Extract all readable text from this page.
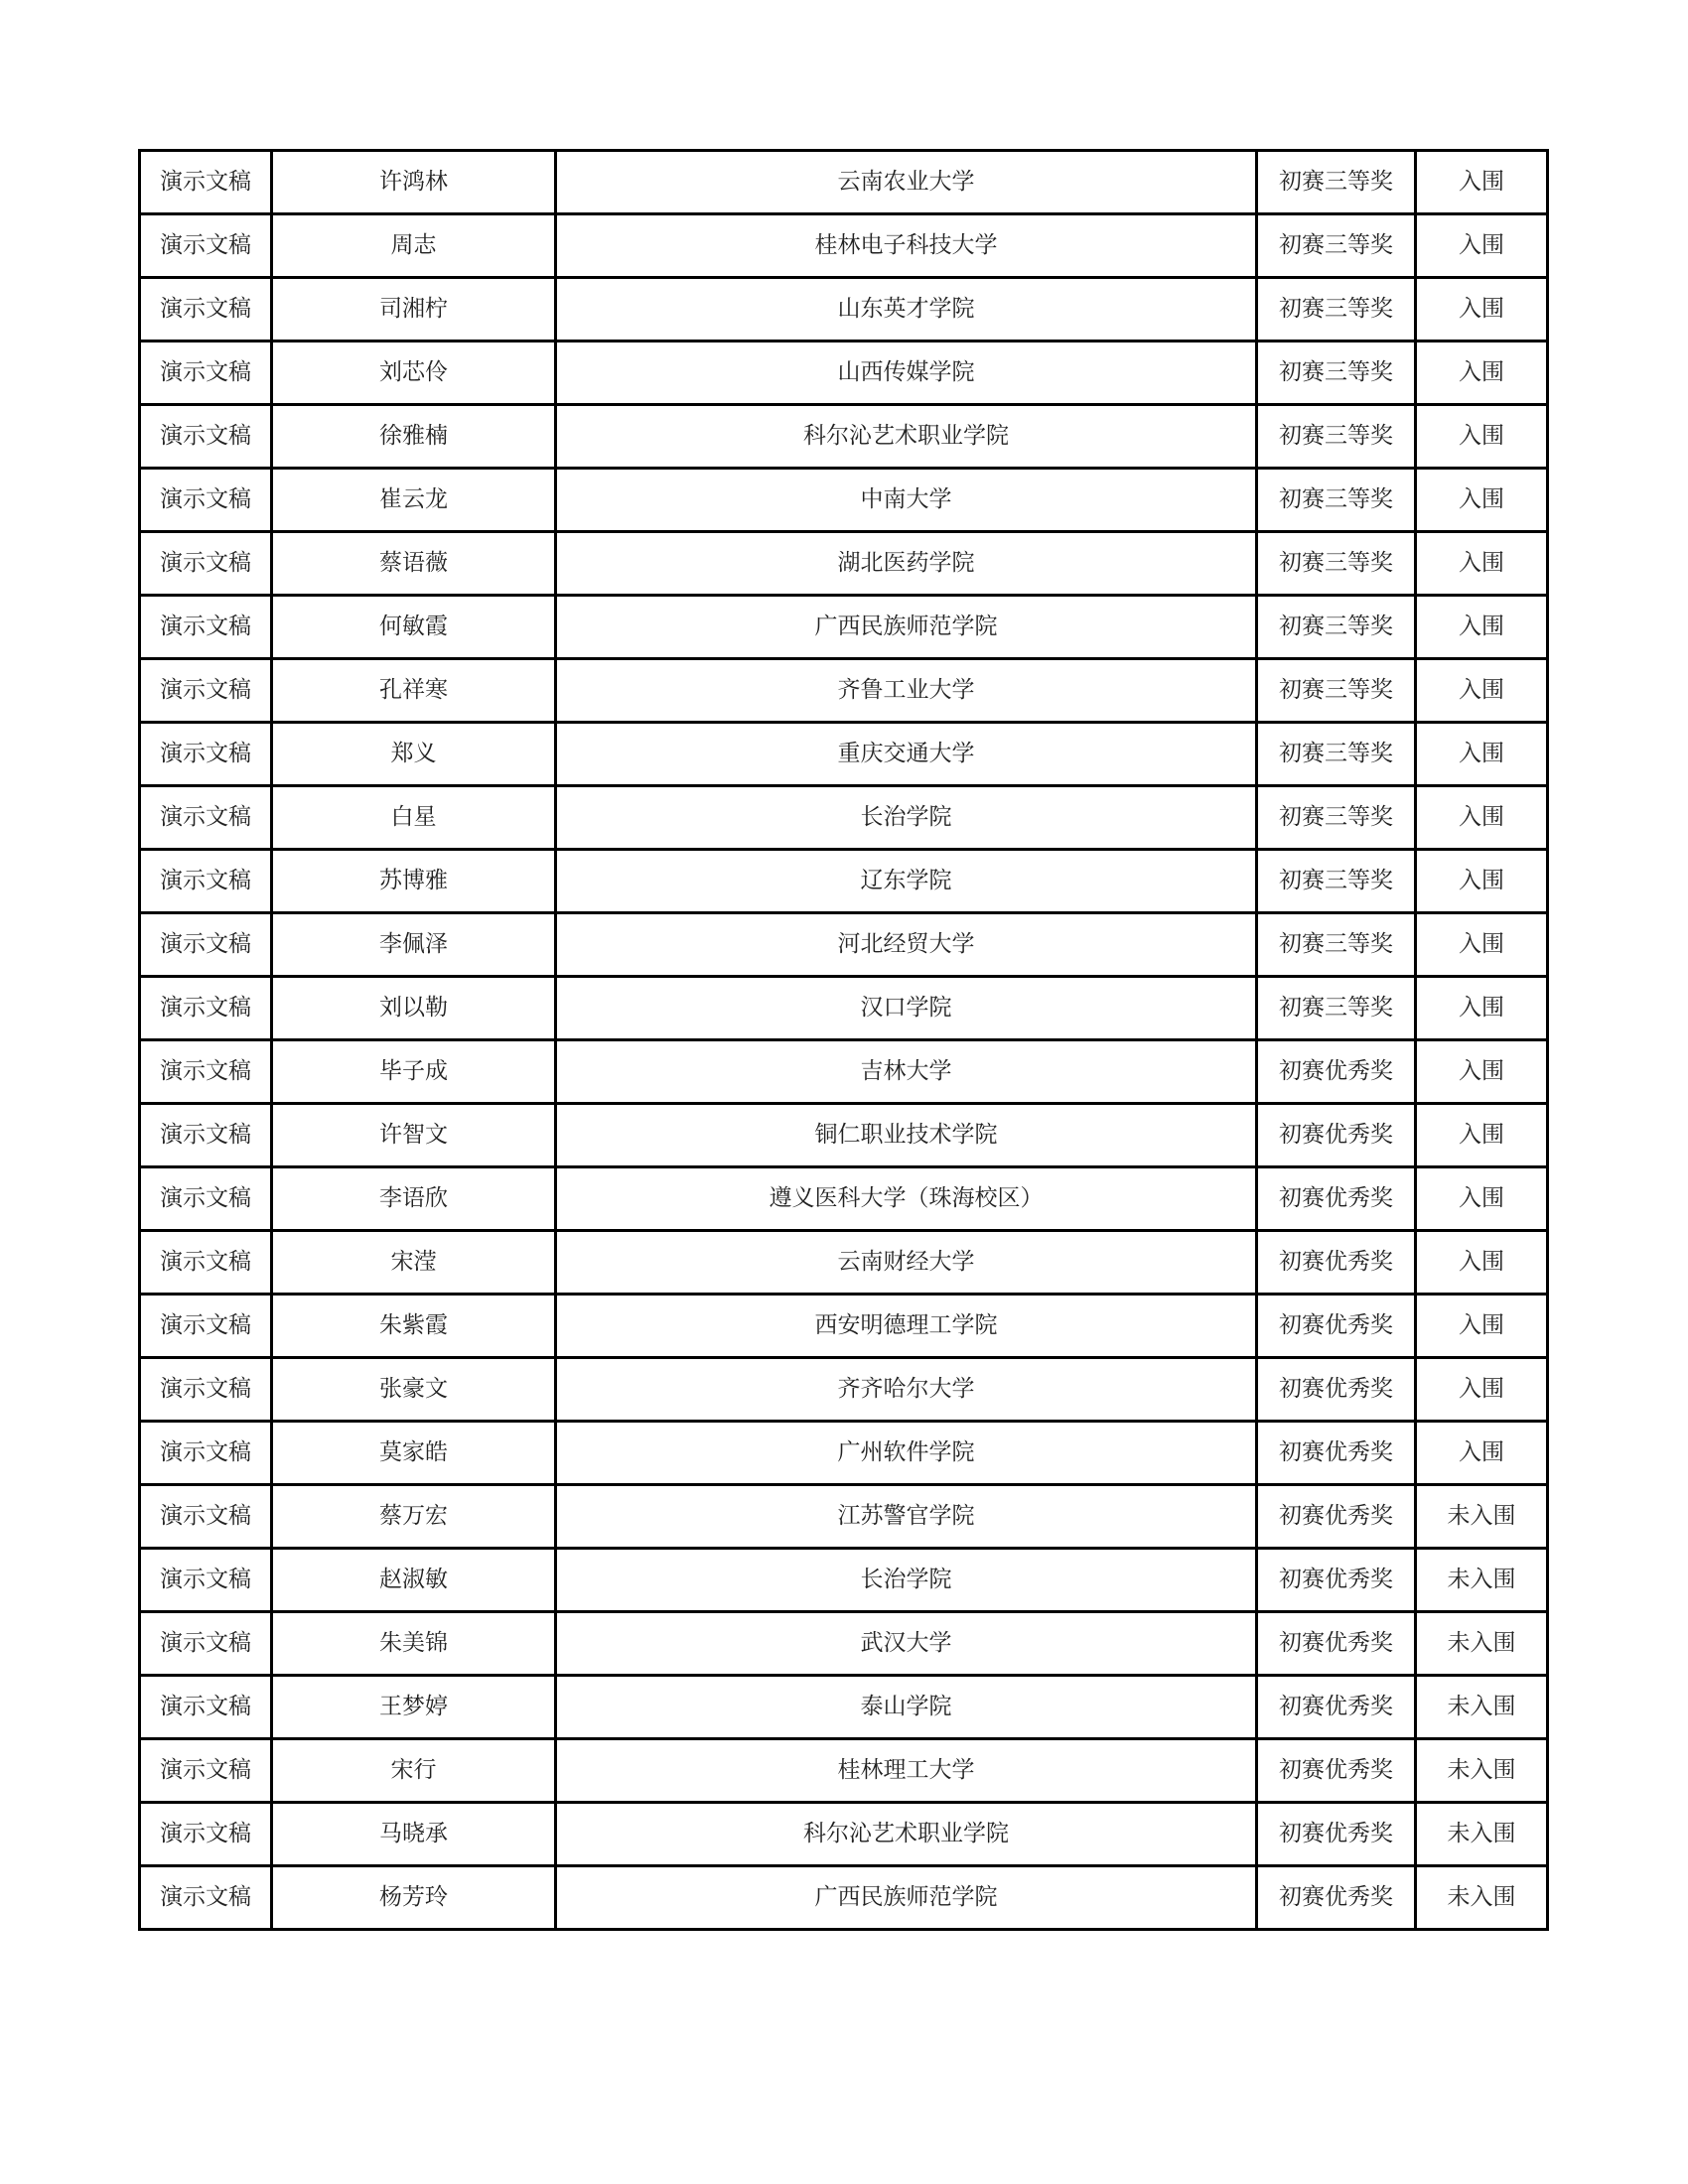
演示文稿	许鸿林	云南农业大学	初赛三等奖	入围
演示文稿	周志	桂林电子科技大学	初赛三等奖	入围
演示文稿	司湘柠	山东英才学院	初赛三等奖	入围
演示文稿	刘芯伶	山西传媒学院	初赛三等奖	入围
演示文稿	徐雅楠	科尔沁艺术职业学院	初赛三等奖	入围
演示文稿	崔云龙	中南大学	初赛三等奖	入围
演示文稿	蔡语薇	湖北医药学院	初赛三等奖	入围
演示文稿	何敏霞	广西民族师范学院	初赛三等奖	入围
演示文稿	孔祥寒	齐鲁工业大学	初赛三等奖	入围
演示文稿	郑义	重庆交通大学	初赛三等奖	入围
演示文稿	白星	长治学院	初赛三等奖	入围
演示文稿	苏博雅	辽东学院	初赛三等奖	入围
演示文稿	李佩泽	河北经贸大学	初赛三等奖	入围
演示文稿	刘以勒	汉口学院	初赛三等奖	入围
演示文稿	毕子成	吉林大学	初赛优秀奖	入围
演示文稿	许智文	铜仁职业技术学院	初赛优秀奖	入围
演示文稿	李语欣	遵义医科大学（珠海校区）	初赛优秀奖	入围
演示文稿	宋滢	云南财经大学	初赛优秀奖	入围
演示文稿	朱紫霞	西安明德理工学院	初赛优秀奖	入围
演示文稿	张豪文	齐齐哈尔大学	初赛优秀奖	入围
演示文稿	莫家皓	广州软件学院	初赛优秀奖	入围
演示文稿	蔡万宏	江苏警官学院	初赛优秀奖	未入围
演示文稿	赵淑敏	长治学院	初赛优秀奖	未入围
演示文稿	朱美锦	武汉大学	初赛优秀奖	未入围
演示文稿	王梦婷	泰山学院	初赛优秀奖	未入围
演示文稿	宋行	桂林理工大学	初赛优秀奖	未入围
演示文稿	马晓承	科尔沁艺术职业学院	初赛优秀奖	未入围
演示文稿	杨芳玲	广西民族师范学院	初赛优秀奖	未入围
